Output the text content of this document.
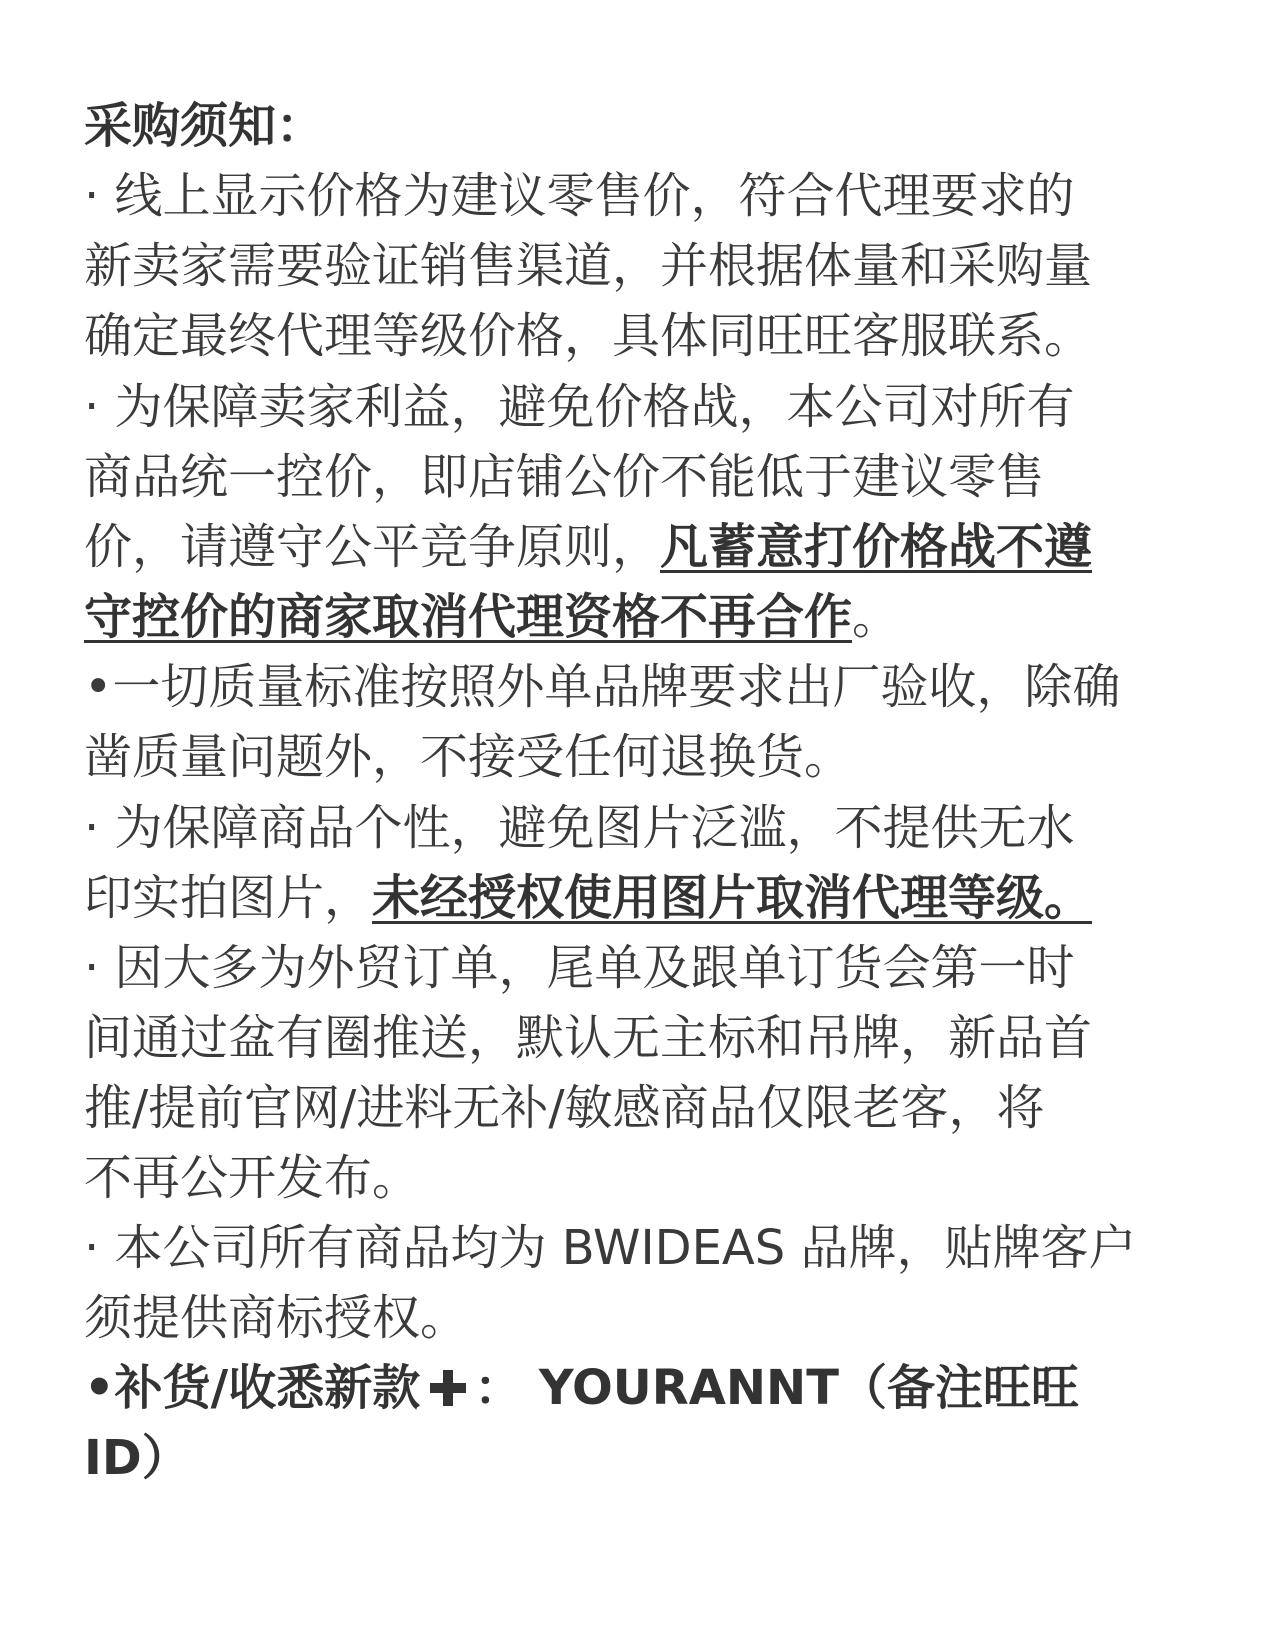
采购须知：
· 线上显示价格为建议零售价，符合代理要求的
新卖家需要验证销售渠道，并根据体量和采购量
确定最终代理等级价格，具体同旺旺客服联系。
· 为保障卖家利益，避免价格战，本公司对所有
商品统一控价，即店铺公价不能低于建议零售
价，请遵守公平竞争原则，凡蓄意打价格战不遵
守控价的商家取消代理资格不再合作。
•一切质量标准按照外单品牌要求出厂验收，除确
凿质量问题外，不接受任何退换货。
· 为保障商品个性，避免图片泛滥，不提供无水
印实拍图片，未经授权使用图片取消代理等级。
· 因大多为外贸订单，尾单及跟单订货会第一时
间通过盆有圈推送，默认无主标和吊牌，新品首
推/提前官网/进料无补/敏感商品仅限老客，将
不再公开发布。
· 本公司所有商品均为 BWIDEAS 品牌，贴牌客户
须提供商标授权。
•补货/收悉新款 ： YOURANNT（备注旺旺
ID）
